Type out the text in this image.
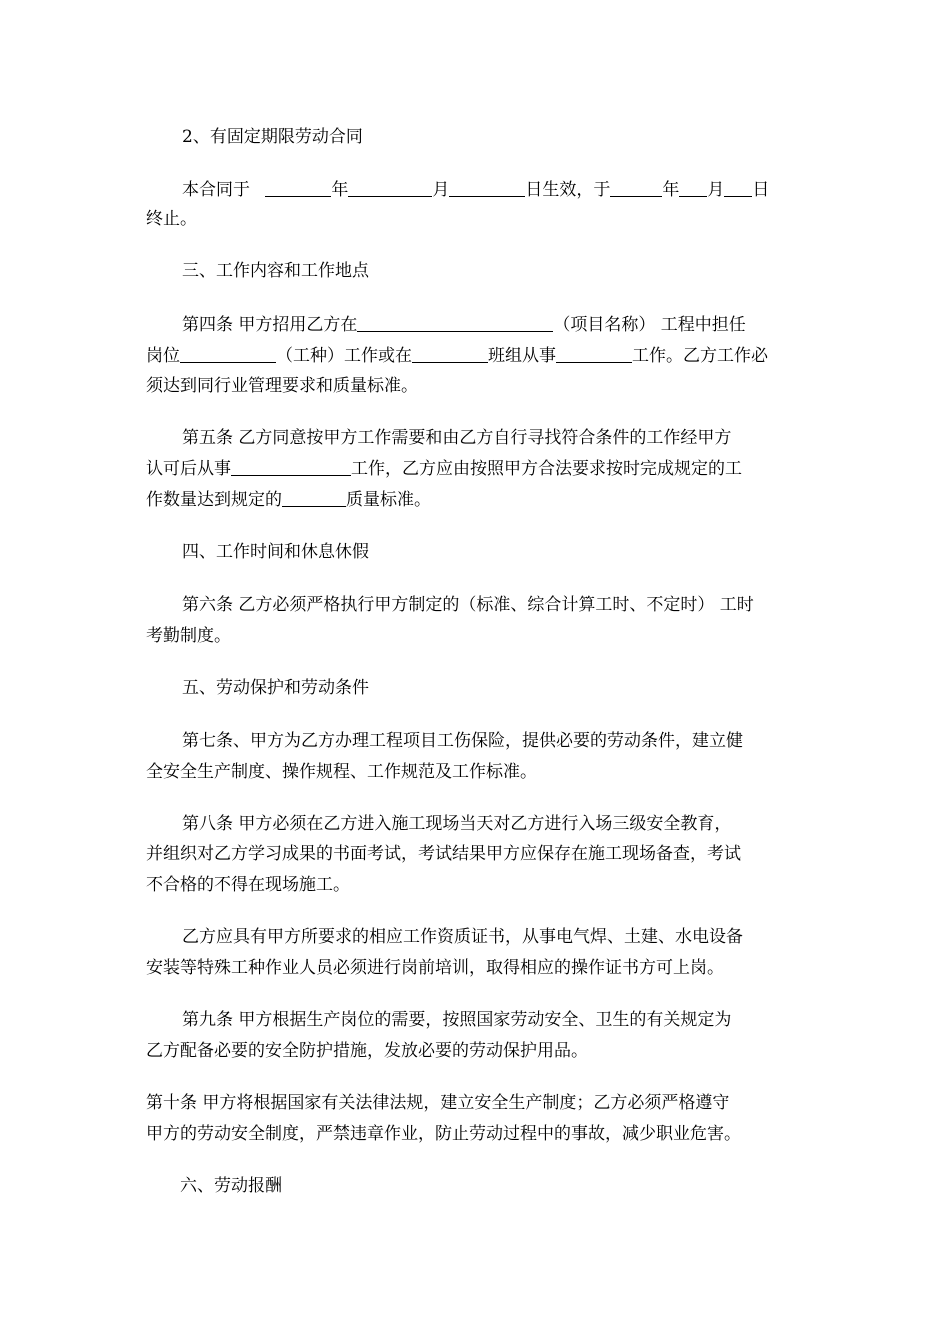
2、有固定期限劳动合同
本合同于	年	月	日生效，于	年 月 日
终止。
三、工作内容和工作地点
第四条 甲方招用乙方在	（项目名称） 工程中担任
岗位	（工种）工作或在	班组从事	工作。乙方工作必
须达到同行业管理要求和质量标准。
第五条 乙方同意按甲方工作需要和由乙方自行寻找符合条件的工作经甲方
认可后从事	工作，乙方应由按照甲方合法要求按时完成规定的工
作数量达到规定的	质量标准。
四、工作时间和休息休假
第六条 乙方必须严格执行甲方制定的（标准、综合计算工时、不定时） 工时
考勤制度。
五、劳动保护和劳动条件
第七条、甲方为乙方办理工程项目工伤保险，提供必要的劳动条件，建立健
全安全生产制度、操作规程、工作规范及工作标准。
第八条 甲方必须在乙方进入施工现场当天对乙方进行入场三级安全教育，
并组织对乙方学习成果的书面考试，考试结果甲方应保存在施工现场备查，考试
不合格的不得在现场施工。
乙方应具有甲方所要求的相应工作资质证书，从事电气焊、土建、水电设备
安装等特殊工种作业人员必须进行岗前培训，取得相应的操作证书方可上岗。
第九条 甲方根据生产岗位的需要，按照国家劳动安全、卫生的有关规定为
乙方配备必要的安全防护措施，发放必要的劳动保护用品。
第十条 甲方将根据国家有关法律法规，建立安全生产制度；乙方必须严格遵守
甲方的劳动安全制度，严禁违章作业，防止劳动过程中的事故，减少职业危害。
六、劳动报酬
